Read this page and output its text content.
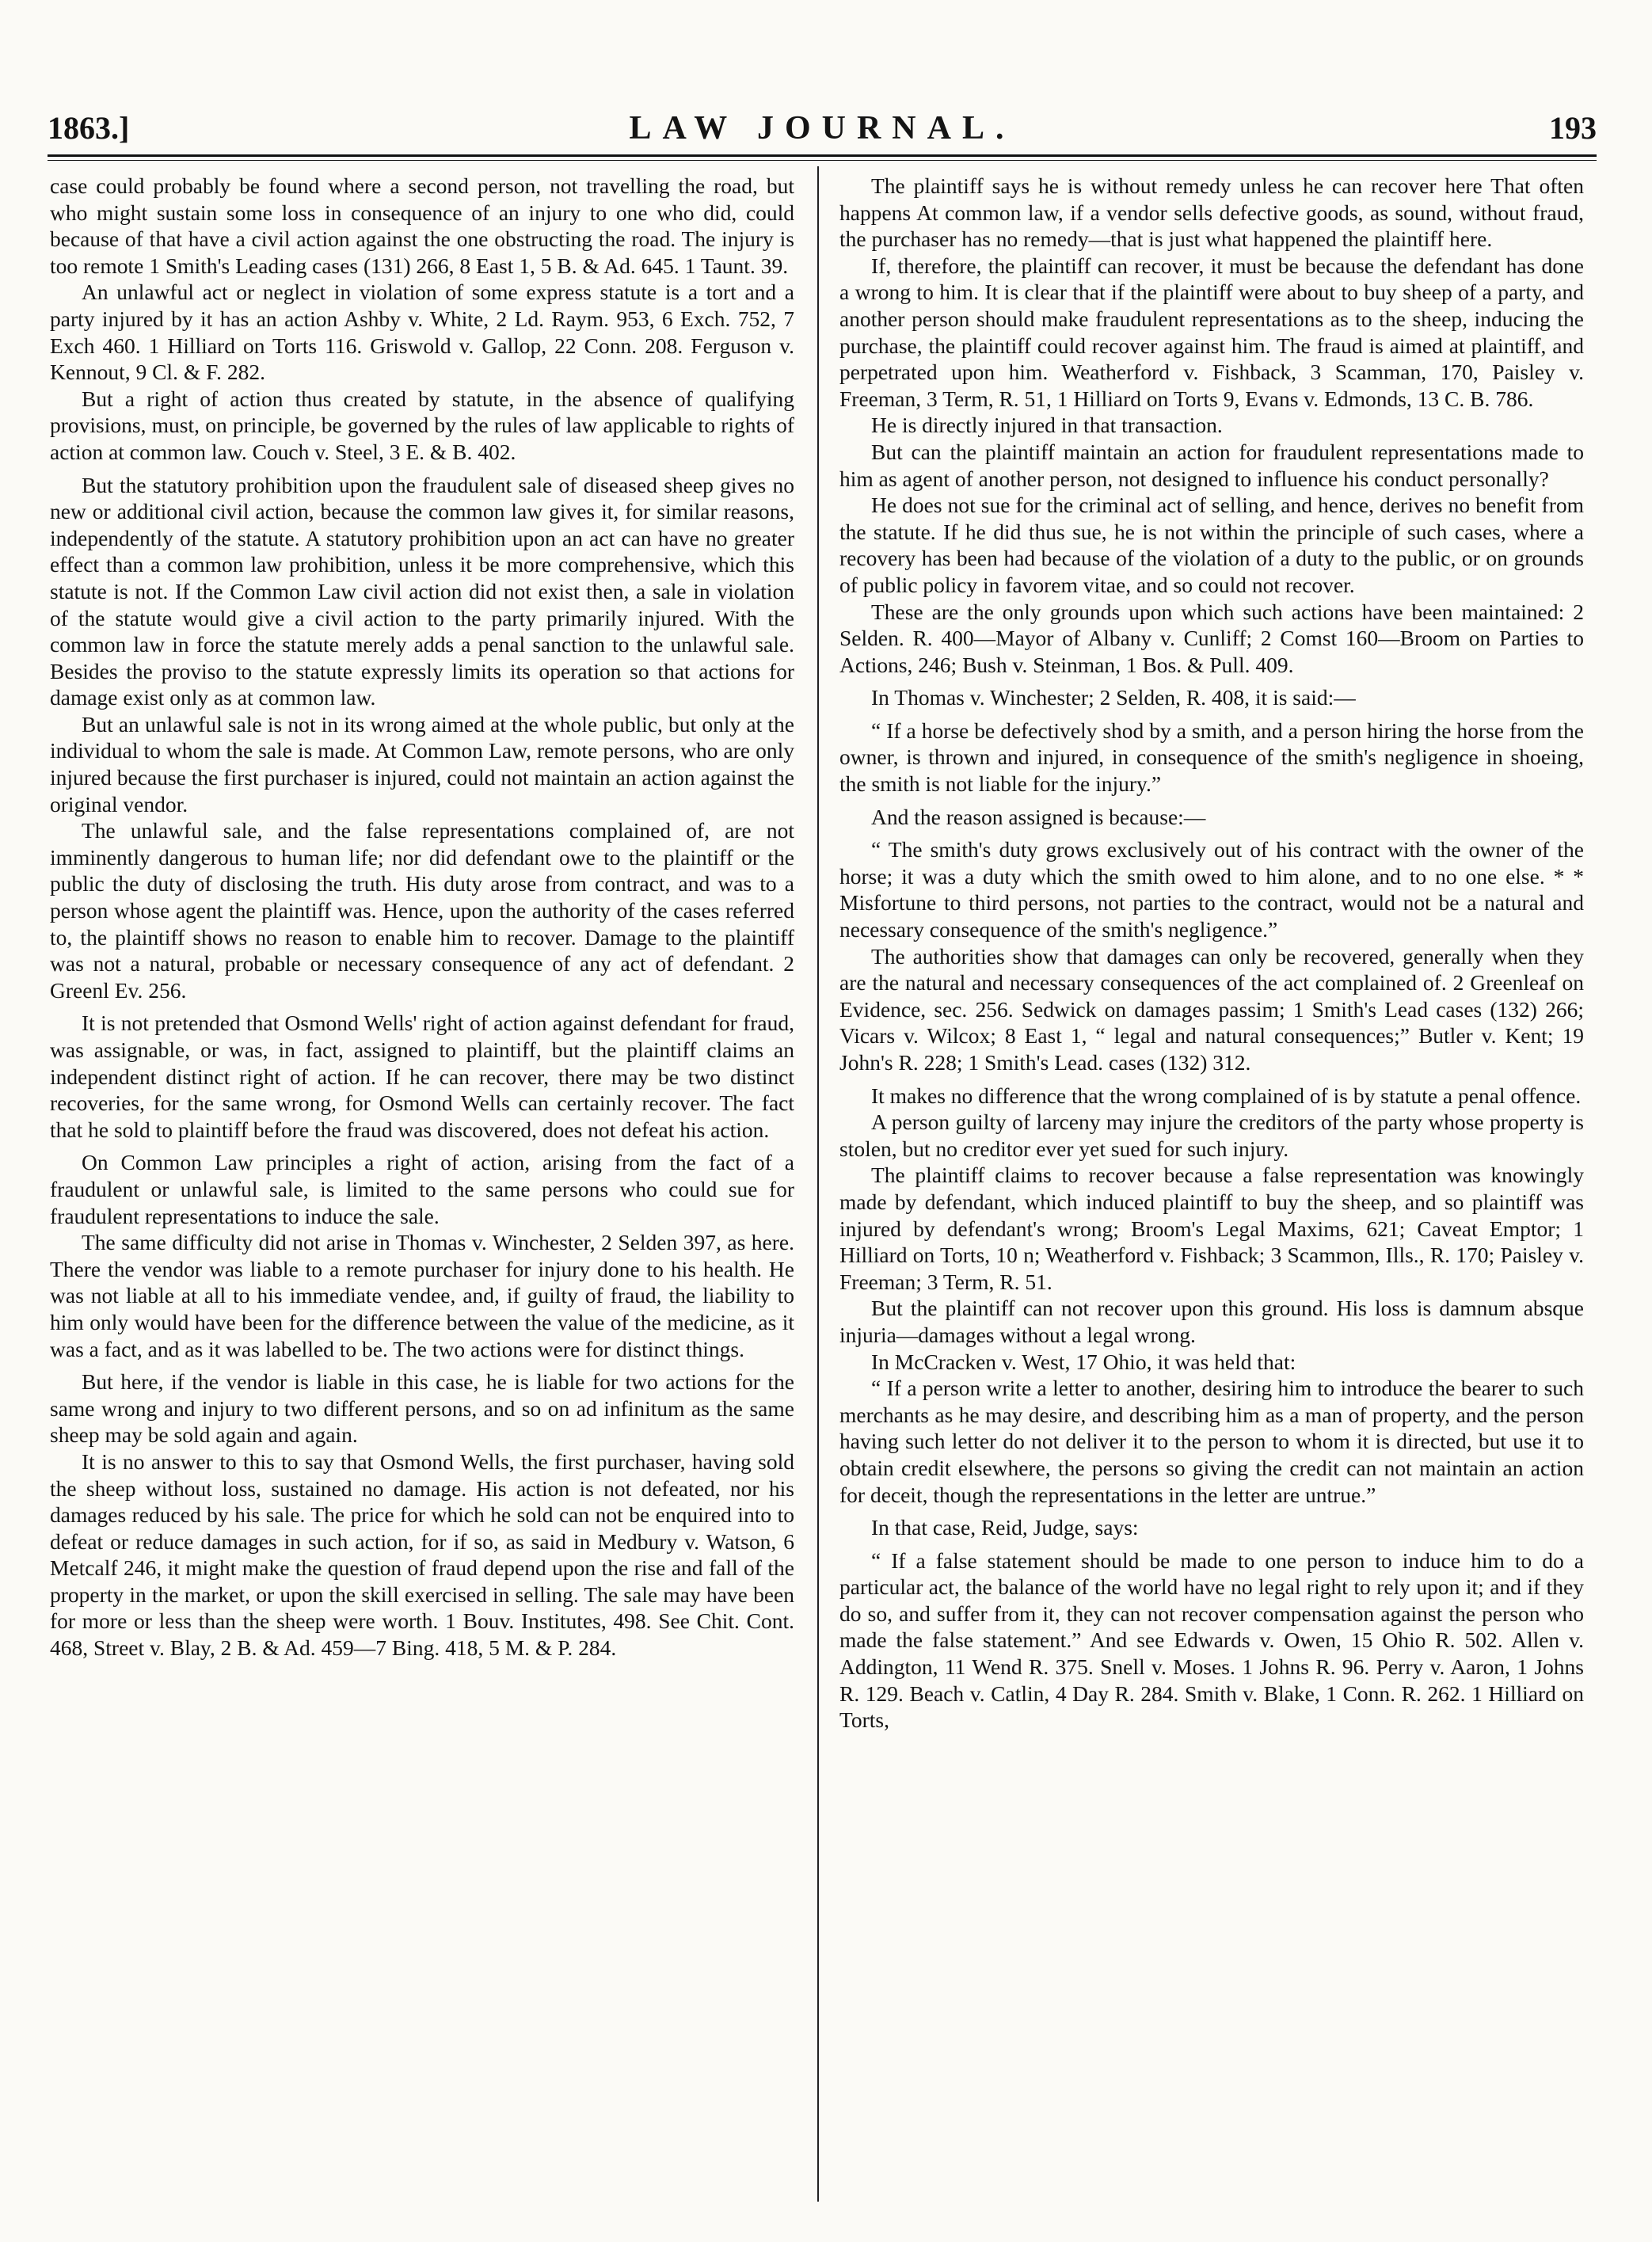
1863.]	LAW JOURNAL.	193

case could probably be found where a second person, not travelling the road, but who might sustain some loss in consequence of an injury to one who did, could because of that have a civil action against the one obstructing the road. The injury is too remote 1 Smith's Leading cases (131) 266, 8 East 1, 5 B. & Ad. 645. 1 Taunt. 39.

An unlawful act or neglect in violation of some express statute is a tort and a party injured by it has an action Ashby v. White, 2 Ld. Raym. 953, 6 Exch. 752, 7 Exch 460. 1 Hilliard on Torts 116. Griswold v. Gallop, 22 Conn. 208. Ferguson v. Kennout, 9 Cl. & F. 282.

But a right of action thus created by statute, in the absence of qualifying provisions, must, on principle, be governed by the rules of law applicable to rights of action at common law. Couch v. Steel, 3 E. & B. 402.

But the statutory prohibition upon the fraudulent sale of diseased sheep gives no new or additional civil action, because the common law gives it, for similar reasons, independently of the statute. A statutory prohibition upon an act can have no greater effect than a common law prohibition, unless it be more comprehensive, which this statute is not. If the Common Law civil action did not exist then, a sale in violation of the statute would give a civil action to the party primarily injured. With the common law in force the statute merely adds a penal sanction to the unlawful sale. Besides the proviso to the statute expressly limits its operation so that actions for damage exist only as at common law.

But an unlawful sale is not in its wrong aimed at the whole public, but only at the individual to whom the sale is made. At Common Law, remote persons, who are only injured because the first purchaser is injured, could not maintain an action against the original vendor.

The unlawful sale, and the false representations complained of, are not imminently dangerous to human life; nor did defendant owe to the plaintiff or the public the duty of disclosing the truth. His duty arose from contract, and was to a person whose agent the plaintiff was. Hence, upon the authority of the cases referred to, the plaintiff shows no reason to enable him to recover. Damage to the plaintiff was not a natural, probable or necessary consequence of any act of defendant. 2 Greenl Ev. 256.

It is not pretended that Osmond Wells' right of action against defendant for fraud, was assignable, or was, in fact, assigned to plaintiff, but the plaintiff claims an independent distinct right of action. If he can recover, there may be two distinct recoveries, for the same wrong, for Osmond Wells can certainly recover. The fact that he sold to plaintiff before the fraud was discovered, does not defeat his action.

On Common Law principles a right of action, arising from the fact of a fraudulent or unlawful sale, is limited to the same persons who could sue for fraudulent representations to induce the sale.

The same difficulty did not arise in Thomas v. Winchester, 2 Selden 397, as here. There the vendor was liable to a remote purchaser for injury done to his health. He was not liable at all to his immediate vendee, and, if guilty of fraud, the liability to him only would have been for the difference between the value of the medicine, as it was a fact, and as it was labelled to be. The two actions were for distinct things.

But here, if the vendor is liable in this case, he is liable for two actions for the same wrong and injury to two different persons, and so on ad infinitum as the same sheep may be sold again and again.

It is no answer to this to say that Osmond Wells, the first purchaser, having sold the sheep without loss, sustained no damage. His action is not defeated, nor his damages reduced by his sale. The price for which he sold can not be enquired into to defeat or reduce damages in such action, for if so, as said in Medbury v. Watson, 6 Metcalf 246, it might make the question of fraud depend upon the rise and fall of the property in the market, or upon the skill exercised in selling. The sale may have been for more or less than the sheep were worth. 1 Bouv. Institutes, 498. See Chit. Cont. 468, Street v. Blay, 2 B. & Ad. 459—7 Bing. 418, 5 M. & P. 284.

The plaintiff says he is without remedy unless he can recover here That often happens At common law, if a vendor sells defective goods, as sound, without fraud, the purchaser has no remedy—that is just what happened the plaintiff here.

If, therefore, the plaintiff can recover, it must be because the defendant has done a wrong to him. It is clear that if the plaintiff were about to buy sheep of a party, and another person should make fraudulent representations as to the sheep, inducing the purchase, the plaintiff could recover against him. The fraud is aimed at plaintiff, and perpetrated upon him. Weatherford v. Fishback, 3 Scamman, 170, Paisley v. Freeman, 3 Term, R. 51, 1 Hilliard on Torts 9, Evans v. Edmonds, 13 C. B. 786.

He is directly injured in that transaction.

But can the plaintiff maintain an action for fraudulent representations made to him as agent of another person, not designed to influence his conduct personally?

He does not sue for the criminal act of selling, and hence, derives no benefit from the statute. If he did thus sue, he is not within the principle of such cases, where a recovery has been had because of the violation of a duty to the public, or on grounds of public policy in favorem vitae, and so could not recover.

These are the only grounds upon which such actions have been maintained: 2 Selden. R. 400—Mayor of Albany v. Cunliff; 2 Comst 160—Broom on Parties to Actions, 246; Bush v. Steinman, 1 Bos. & Pull. 409.

In Thomas v. Winchester; 2 Selden, R. 408, it is said:—

“ If a horse be defectively shod by a smith, and a person hiring the horse from the owner, is thrown and injured, in consequence of the smith's negligence in shoeing, the smith is not liable for the injury.”

And the reason assigned is because:—

“ The smith's duty grows exclusively out of his contract with the owner of the horse; it was a duty which the smith owed to him alone, and to no one else. * * Misfortune to third persons, not parties to the contract, would not be a natural and necessary consequence of the smith's negligence.”

The authorities show that damages can only be recovered, generally when they are the natural and necessary consequences of the act complained of. 2 Greenleaf on Evidence, sec. 256. Sedwick on damages passim; 1 Smith's Lead cases (132) 266; Vicars v. Wilcox; 8 East 1, “ legal and natural consequences;” Butler v. Kent; 19 John's R. 228; 1 Smith's Lead. cases (132) 312.

It makes no difference that the wrong complained of is by statute a penal offence.

A person guilty of larceny may injure the creditors of the party whose property is stolen, but no creditor ever yet sued for such injury.

The plaintiff claims to recover because a false representation was knowingly made by defendant, which induced plaintiff to buy the sheep, and so plaintiff was injured by defendant's wrong; Broom's Legal Maxims, 621; Caveat Emptor; 1 Hilliard on Torts, 10 n; Weatherford v. Fishback; 3 Scammon, Ills., R. 170; Paisley v. Freeman; 3 Term, R. 51.

But the plaintiff can not recover upon this ground. His loss is damnum absque injuria—damages without a legal wrong.

In McCracken v. West, 17 Ohio, it was held that:

“ If a person write a letter to another, desiring him to introduce the bearer to such merchants as he may desire, and describing him as a man of property, and the person having such letter do not deliver it to the person to whom it is directed, but use it to obtain credit elsewhere, the persons so giving the credit can not maintain an action for deceit, though the representations in the letter are untrue.”

In that case, Reid, Judge, says:

“ If a false statement should be made to one person to induce him to do a particular act, the balance of the world have no legal right to rely upon it; and if they do so, and suffer from it, they can not recover compensation against the person who made the false statement.” And see Edwards v. Owen, 15 Ohio R. 502. Allen v. Addington, 11 Wend R. 375. Snell v. Moses. 1 Johns R. 96. Perry v. Aaron, 1 Johns R. 129. Beach v. Catlin, 4 Day R. 284. Smith v. Blake, 1 Conn. R. 262. 1 Hilliard on Torts,
